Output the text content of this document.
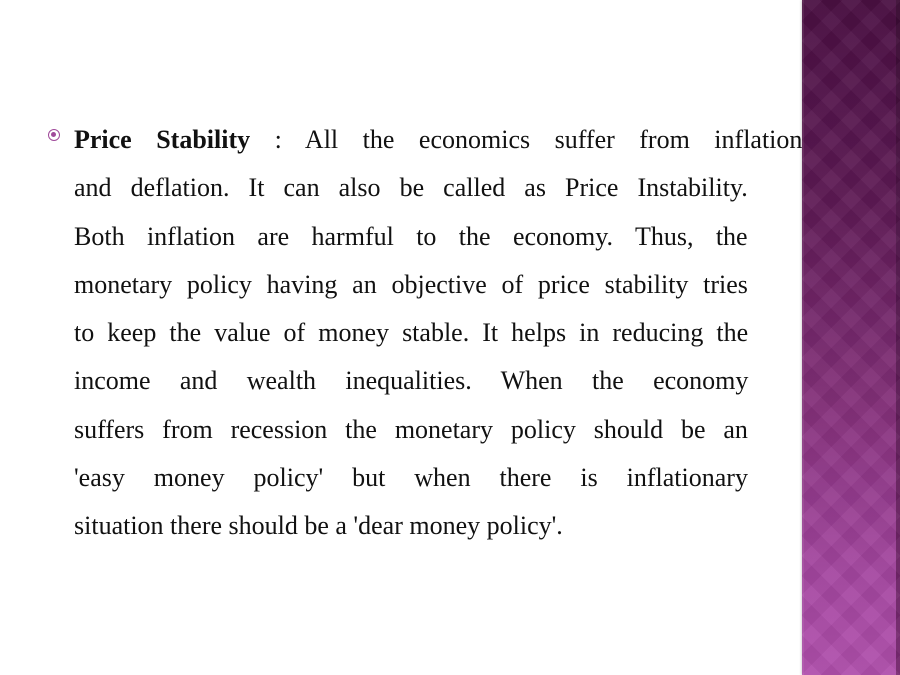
Price Stability : All the economics suffer from inflation
and deflation. It can also be called as Price Instability.
Both inflation are harmful to the economy. Thus, the
monetary policy having an objective of price stability tries
to keep the value of money stable. It helps in reducing the
income and wealth inequalities. When the economy
suffers from recession the monetary policy should be an
'easy money policy' but when there is inflationary
situation there should be a 'dear money policy'.
